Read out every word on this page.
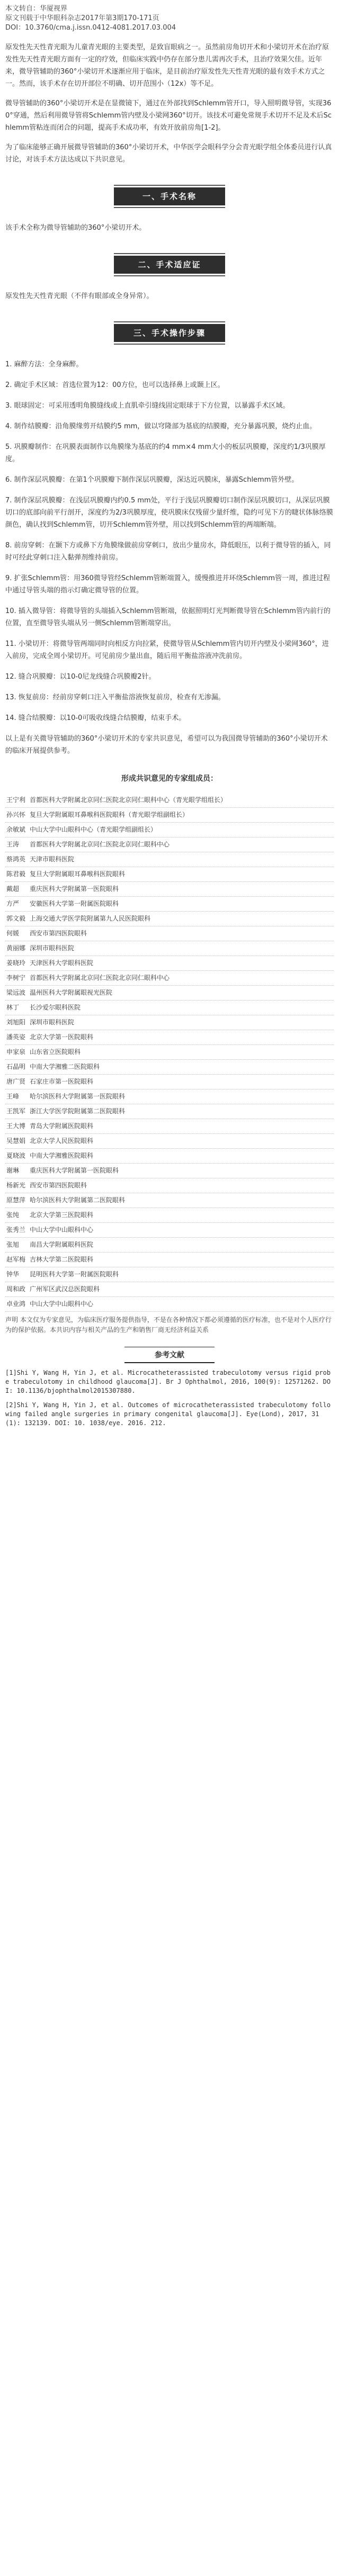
本文转自：华厦视界
原文刊载于中华眼科杂志2017年第3期170-171页
DOI：10.3760/cma.j.issn.0412-4081.2017.03.004

原发性先天性青光眼为儿童青光眼的主要类型，是致盲眼病之一。虽然前房角切开术和小梁切开术在治疗原发性先天性青光眼方面有一定的疗效，但临床实践中仍存在部分患儿需再次手术，且治疗效果欠佳。近年来，微导管辅助的360°小梁切开术逐渐应用于临床，是目前治疗原发性先天性青光眼的最有效手术方式之一。然而，该手术存在切开部位不明确、切开范围小（12ⅹ）等不足。

微导管辅助的360°小梁切开术是在显微镜下，通过在外部找到Schlemm管开口，导入照明微导管，实现360°穿通，然后利用微导管将Schlemm管内壁及小梁网360°切开。该技术可避免常规手术切开不足及术后Schlemm管粘连而闭合的问题，提高手术成功率，有效开放前房角[1-2]。

为了临床能够正确开展微导管辅助的360°小梁切开术，中华医学会眼科学分会青光眼学组全体委员进行认真讨论，对该手术方法达成以下共识意见。

一、手术名称

该手术全称为微导管辅助的360°小梁切开术。

二、手术适应证

原发性先天性青光眼（不伴有眼部或全身异常）。

三、手术操作步骤

1. 麻醉方法：全身麻醉。

2. 确定手术区域：首选位置为12：00方位，也可以选择鼻上或颞上区。

3. 眼球固定：可采用透明角膜缝线或上直肌牵引缝线固定眼球于下方位置，以暴露手术区域。

4. 制作结膜瓣：沿角膜缘剪开结膜约5 mm，做以穹隆部为基底的结膜瓣，充分暴露巩膜，烧灼止血。

5. 巩膜瓣制作：在巩膜表面制作以角膜缘为基底的约4 mm×4 mm大小的板层巩膜瓣，深度约1/3巩膜厚度。

6. 制作深层巩膜瓣：在第1个巩膜瓣下制作深层巩膜瓣，深达近巩膜床，暴露Schlemm管外壁。

7. 制作深层巩膜瓣：在浅层巩膜瓣内约0.5 mm处，平行于浅层巩膜瓣切口制作深层巩膜切口，从深层巩膜切口的底部向前平行剖开，深度约为2/3巩膜厚度，使巩膜床仅残留少量纤维，隐约可见下方的睫状体脉络膜颜色，确认找到Schlemm管，切开Schlemm管外壁，用以找到Schlemm管的两端断端。

8. 前房穿刺：在颞下方或鼻下方角膜缘做前房穿刺口，放出少量房水，降低眼压，以利于微导管的插入，同时可经此穿刺口注入黏弹剂维持前房。

9. 扩张Schlemm管：用360微导管经Schlemm管断端置入，缓慢推进并环绕Schlemm管一周，推进过程中通过导管头端的指示灯确定微导管的位置。

10. 插入微导管：将微导管的头端插入Schlemm管断端，依据照明灯光判断微导管在Schlemm管内前行的位置，直至微导管头端从另一侧Schlemm管断端穿出。

11. 小梁切开：将微导管两端同时向相反方向拉紧，使微导管从Schlemm管内切开内壁及小梁网360°，进入前房，完成全周小梁切开。可见前房少量出血，随后用平衡盐溶液冲洗前房。

12. 缝合巩膜瓣：以10-0尼龙线缝合巩膜瓣2针。

13. 恢复前房：经前房穿刺口注入平衡盐溶液恢复前房，检查有无渗漏。

14. 缝合结膜瓣：以10-0可吸收线缝合结膜瓣，结束手术。

以上是有关微导管辅助的360°小梁切开术的专家共识意见，希望可以为我国微导管辅助的360°小梁切开术的临床开展提供参考。

形成共识意见的专家组成员：
王宁利 首都医科大学附属北京同仁医院北京同仁眼科中心（青光眼学组组长）
孙兴怀 复旦大学附属眼耳鼻喉科医院眼科（青光眼学组副组长）
余敏斌 中山大学中山眼科中心（青光眼学组副组长）
王涛 首都医科大学附属北京同仁医院北京同仁眼科中心
蔡鸿英 天津市眼科医院
陈君毅 复旦大学附属眼耳鼻喉科医院眼科
戴超 重庆医科大学附属第一医院眼科
方严 安徽医科大学第一附属医院眼科
郭文毅 上海交通大学医学院附属第九人民医院眼科
何媛 西安市第四医院眼科
黄丽娜 深圳市眼科医院
姜晓玲 天津医科大学眼科医院
李树宁 首都医科大学附属北京同仁医院北京同仁眼科中心
梁远波 温州医科大学附属眼视光医院
林丁 长沙爱尔眼科医院
刘旭阳 深圳市眼科医院
潘英姿 北京大学第一医院眼科
申家泉 山东省立医院眼科
石晶明 中南大学湘雅二医院眼科
唐广贤 石家庄市第一医院眼科
王峰 哈尔滨医科大学附属第一医院眼科
王凯军 浙江大学医学院附属第二医院眼科
王大博 青岛大学附属医院眼科
吴慧娟 北京大学人民医院眼科
夏晓波 中南大学湘雅医院眼科
谢琳 重庆医科大学附属第一医院眼科
杨新光 西安市第四医院眼科
原慧萍 哈尔滨医科大学附属第二医院眼科
张纯 北京大学第三医院眼科
张秀兰 中山大学中山眼科中心
张旭 南昌大学附属眼科医院
赵军梅 吉林大学第二医院眼科
钟华 昆明医科大学第一附属医院眼科
周和政 广州军区武汉总医院眼科
卓业鸿 中山大学中山眼科中心

声明 本文仅为专家意见，为临床医疗服务提供指导，不是在各种情况下都必须遵循的医疗标准，也不是对个人医疗行为的保护依据。本共识内容与相关产品的生产和销售厂商无经济利益关系

参考文献
[1]Shi Y, Wang H, Yin J, et al. Microcatheterassisted trabeculotomy versus rigid probe trabeculotomy in childhood glaucoma[J]. Br J Ophthalmol, 2016, 100(9): 12571262. DOI: 10.1136/bjophthalmol2015307880.
[2]Shi Y, Wang H, Yin J, et al. Outcomes of microcatheterassisted trabeculotomy following failed angle surgeries in primary congenital glaucoma[J]. Eye(Lond), 2017, 31(1): 132139. DOI: 10. 1038/eye. 2016. 212.
